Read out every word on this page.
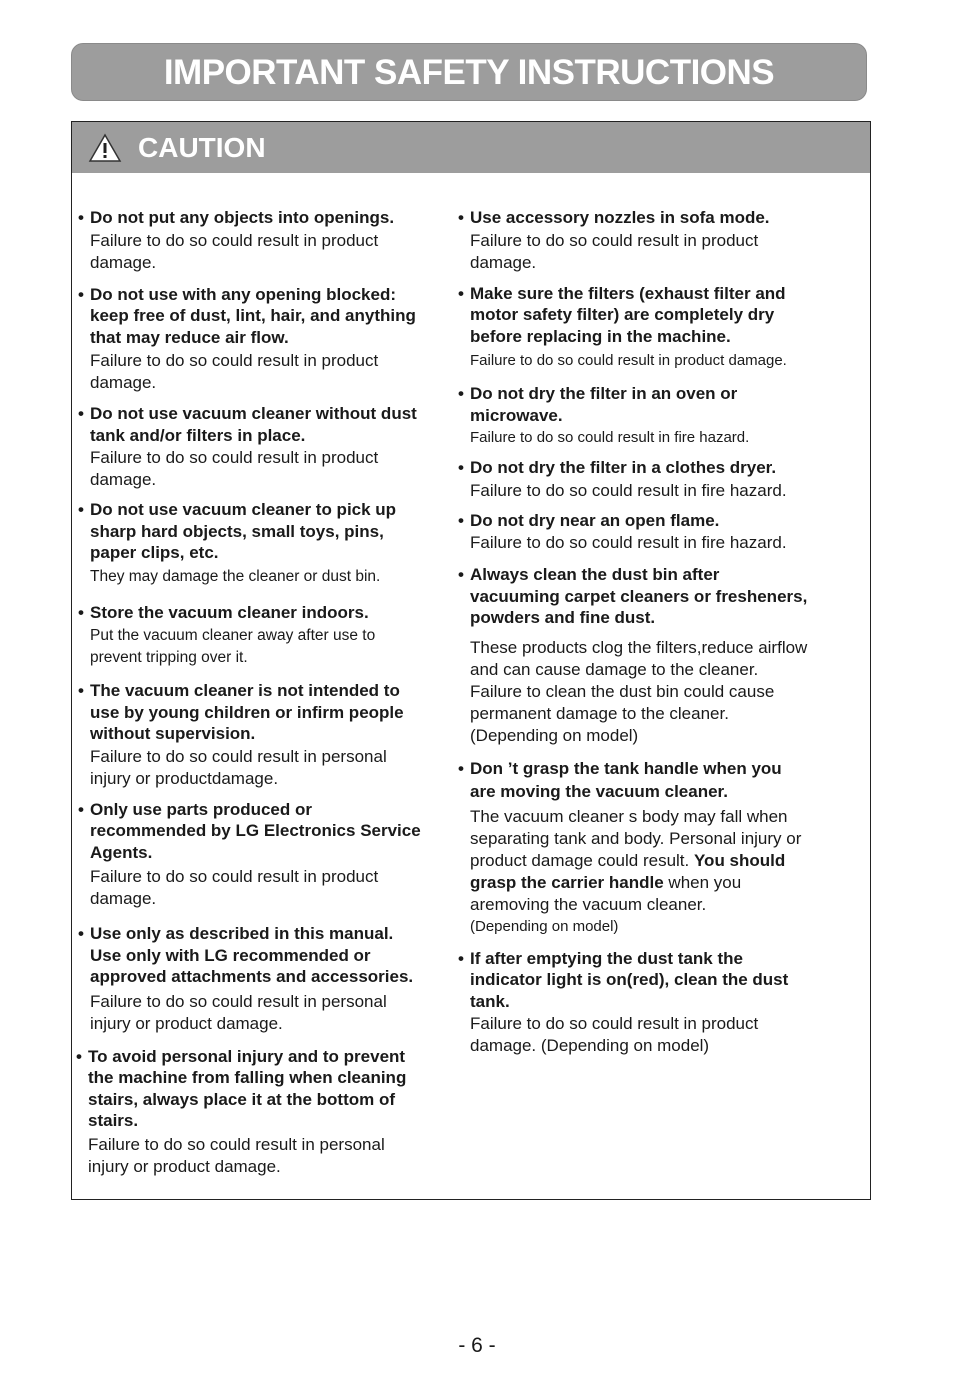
IMPORTANT SAFETY INSTRUCTIONS
CAUTION
• Do not put any objects into openings.
Failure to do so could result in product damage.
• Do not use with any opening blocked: keep free of dust, lint, hair, and anything that may reduce air flow.
Failure to do so could result in product damage.
• Do not use vacuum cleaner without dust tank and/or filters in place.
Failure to do so could result in product damage.
• Do not use vacuum cleaner to pick up sharp hard objects, small toys, pins, paper clips, etc.
They may damage the cleaner or dust bin.
• Store the vacuum cleaner indoors.
Put the vacuum cleaner away after use to prevent tripping over it.
• The vacuum cleaner is not intended to use by young children or infirm people without supervision.
Failure to do so could result in personal injury or productdamage.
• Only use parts produced or recommended by LG Electronics Service Agents.
Failure to do so could result in product damage.
• Use only as described in this manual. Use only with LG recommended or approved attachments and accessories.
Failure to do so could result in personal injury or product damage.
• To avoid personal injury and to prevent the machine from falling when cleaning stairs, always place it at the bottom of stairs.
Failure to do so could result in personal injury or product damage.
• Use accessory nozzles in sofa mode.
Failure to do so could result in product damage.
• Make sure the filters (exhaust filter and motor safety filter) are completely dry before replacing in the machine.
Failure to do so could result in product damage.
• Do not dry the filter in an oven or microwave.
Failure to do so could result in fire hazard.
• Do not dry the filter in a clothes dryer.
Failure to do so could result in fire hazard.
• Do not dry near an open flame.
Failure to do so could result in fire hazard.
• Always clean the dust bin after vacuuming carpet cleaners or fresheners, powders and fine dust.
These products clog the filters,reduce airflow and can cause damage to the cleaner. Failure to clean the dust bin could cause permanent damage to the cleaner. (Depending on model)
• Don ’t grasp the tank handle when you are moving the vacuum cleaner.
The vacuum cleaner s body may fall when separating tank and body. Personal injury or product damage could result. You should grasp the carrier handle when you aremoving the vacuum cleaner.
(Depending on model)
• If after emptying the dust tank the indicator light is on(red), clean the dust tank.
Failure to do so could result in product damage. (Depending on model)
- 6 -
